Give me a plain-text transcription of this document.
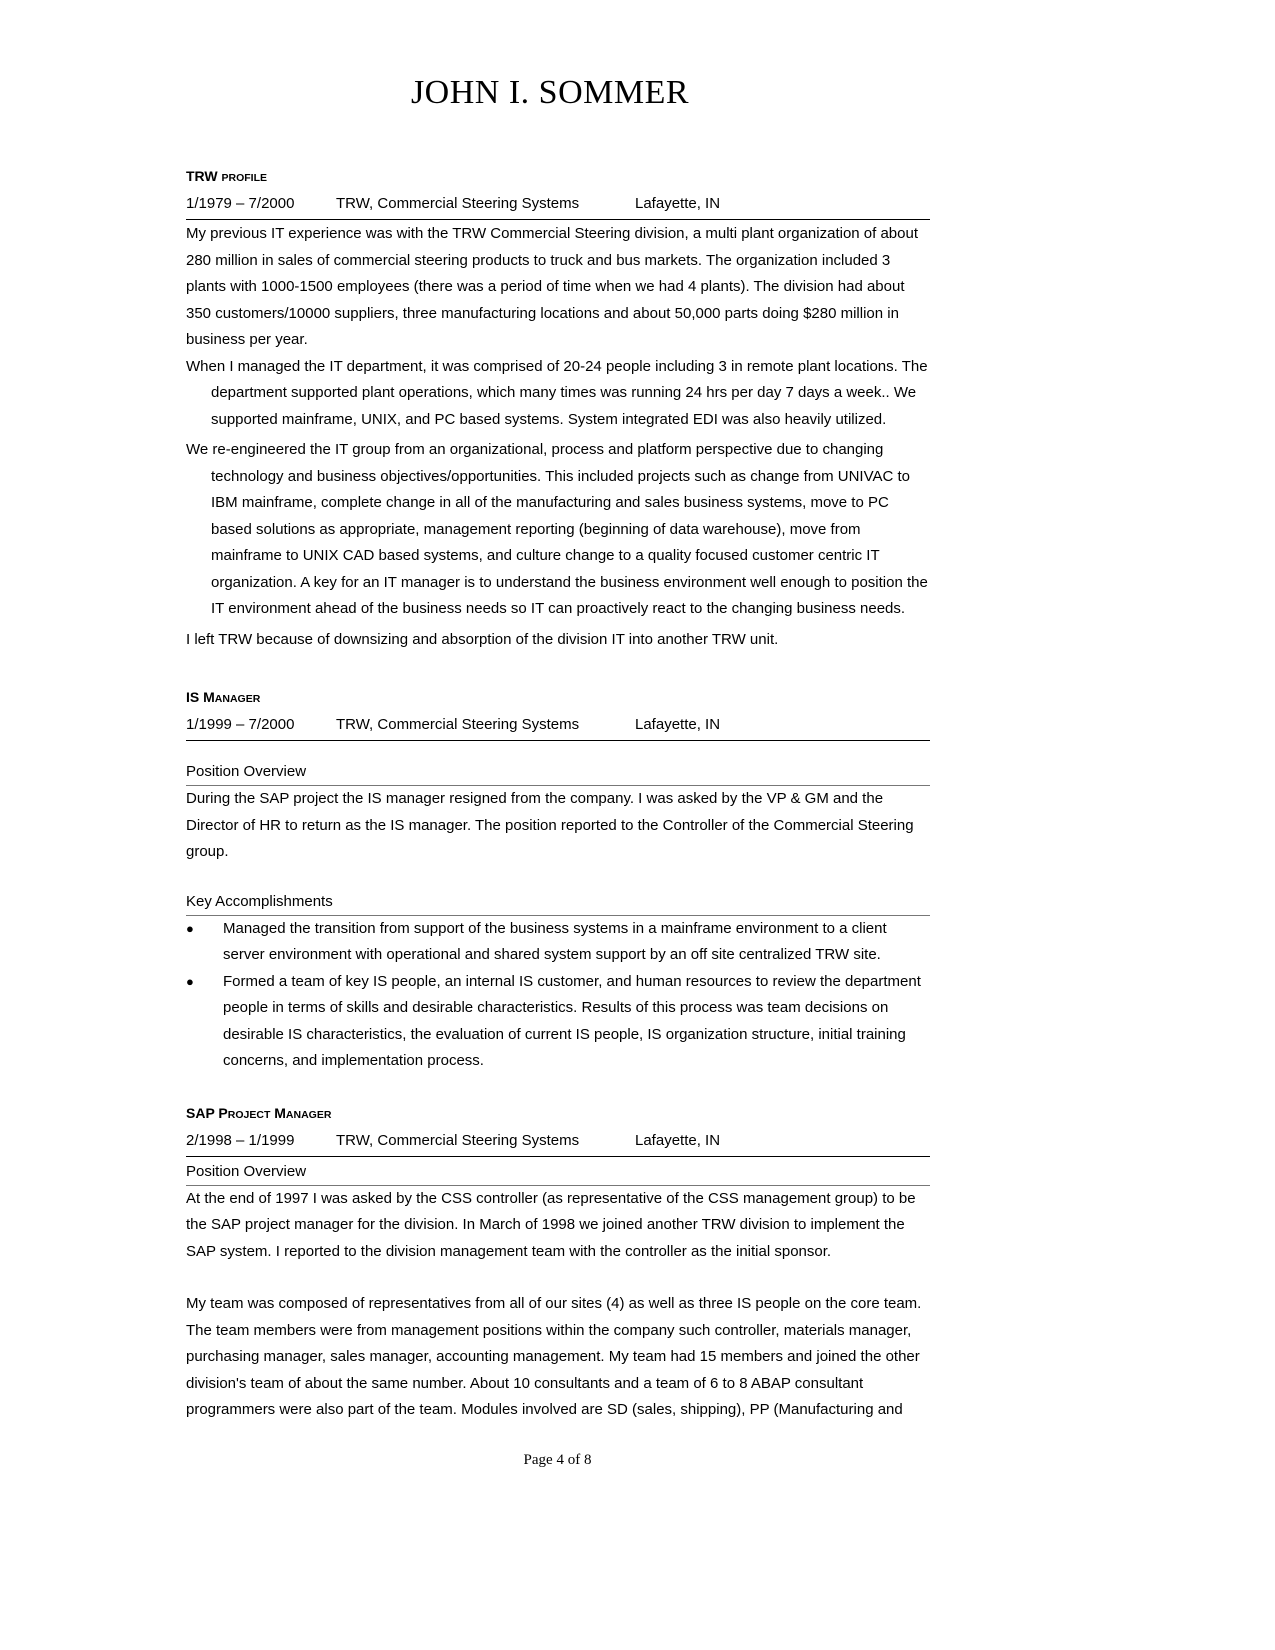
JOHN I. SOMMER
TRW PROFILE
1/1979 – 7/2000	TRW, Commercial Steering Systems	Lafayette, IN

My previous IT experience was with the TRW Commercial Steering division, a multi plant organization of about 280 million in sales of commercial steering products to truck and bus markets. The organization included 3 plants with 1000-1500 employees (there was a period of time when we had 4 plants). The division had about 350 customers/10000 suppliers, three manufacturing locations and about 50,000 parts doing $280 million in business per year.

When I managed the IT department, it was comprised of 20-24 people including 3 in remote plant locations. The department supported plant operations, which many times was running 24 hrs per day 7 days a week.. We supported mainframe, UNIX, and PC based systems. System integrated EDI was also heavily utilized.

We re-engineered the IT group from an organizational, process and platform perspective due to changing technology and business objectives/opportunities. This included projects such as change from UNIVAC to IBM mainframe, complete change in all of the manufacturing and sales business systems, move to PC based solutions as appropriate, management reporting (beginning of data warehouse), move from mainframe to UNIX CAD based systems, and culture change to a quality focused customer centric IT organization. A key for an IT manager is to understand the business environment well enough to position the IT environment ahead of the business needs so IT can proactively react to the changing business needs.

I left TRW because of downsizing and absorption of the division IT into another TRW unit.

IS MANAGER
1/1999 – 7/2000	TRW, Commercial Steering Systems	Lafayette, IN
Position Overview

During the SAP project the IS manager resigned from the company. I was asked by the VP & GM and the Director of HR to return as the IS manager. The position reported to the Controller of the Commercial Steering group.

Key Accomplishments
● Managed the transition from support of the business systems in a mainframe environment to a client server environment with operational and shared system support by an off site centralized TRW site.
● Formed a team of key IS people, an internal IS customer, and human resources to review the department people in terms of skills and desirable characteristics. Results of this process was team decisions on desirable IS characteristics, the evaluation of current IS people, IS organization structure, initial training concerns, and implementation process.
SAP PROJECT MANAGER
2/1998 – 1/1999	TRW, Commercial Steering Systems	Lafayette, IN
Position Overview

At the end of 1997 I was asked by the CSS controller (as representative of the CSS management group) to be the SAP project manager for the division. In March of 1998 we joined another TRW division to implement the SAP system. I reported to the division management team with the controller as the initial sponsor.

My team was composed of representatives from all of our sites (4) as well as three IS people on the core team. The team members were from management positions within the company such controller, materials manager, purchasing manager, sales manager, accounting management. My team had 15 members and joined the other division's team of about the same number. About 10 consultants and a team of 6 to 8 ABAP consultant programmers were also part of the team. Modules involved are SD (sales, shipping), PP (Manufacturing and

Page 4 of 8
